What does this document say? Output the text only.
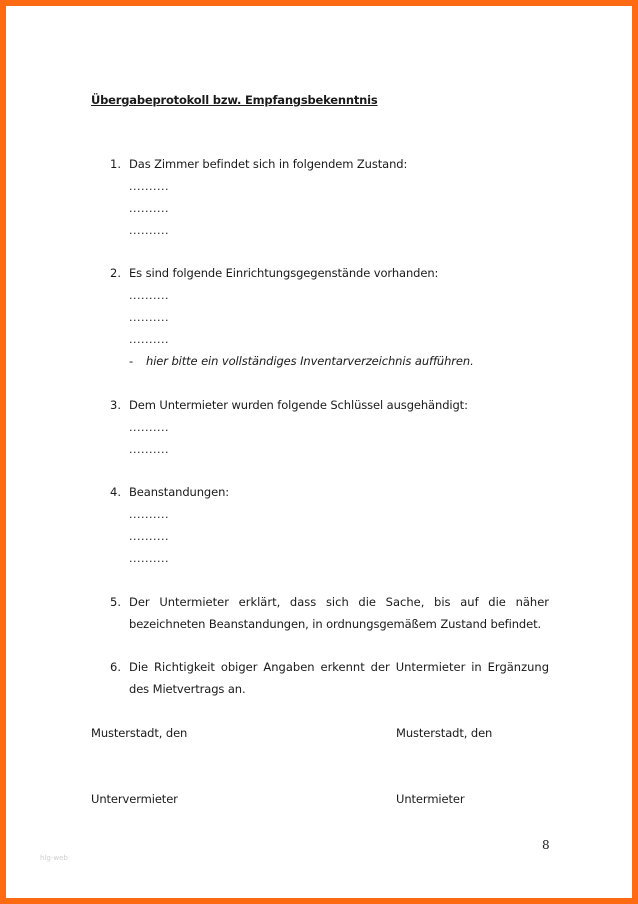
Übergabeprotokoll bzw. Empfangsbekenntnis
1. Das Zimmer befindet sich in folgendem Zustand:
..........
..........
..........
2. Es sind folgende Einrichtungsgegenstände vorhanden:
..........
..........
..........
- hier bitte ein vollständiges Inventarverzeichnis aufführen.
3. Dem Untermieter wurden folgende Schlüssel ausgehändigt:
..........
..........
4. Beanstandungen:
..........
..........
..........
5. Der Untermieter erklärt, dass sich die Sache, bis auf die näher
bezeichneten Beanstandungen, in ordnungsgemäßem Zustand befindet.
6. Die Richtigkeit obiger Angaben erkennt der Untermieter in Ergänzung
des Mietvertrags an.
Musterstadt, den	Musterstadt, den
Untervermieter	Untermieter
8
hlg-web
